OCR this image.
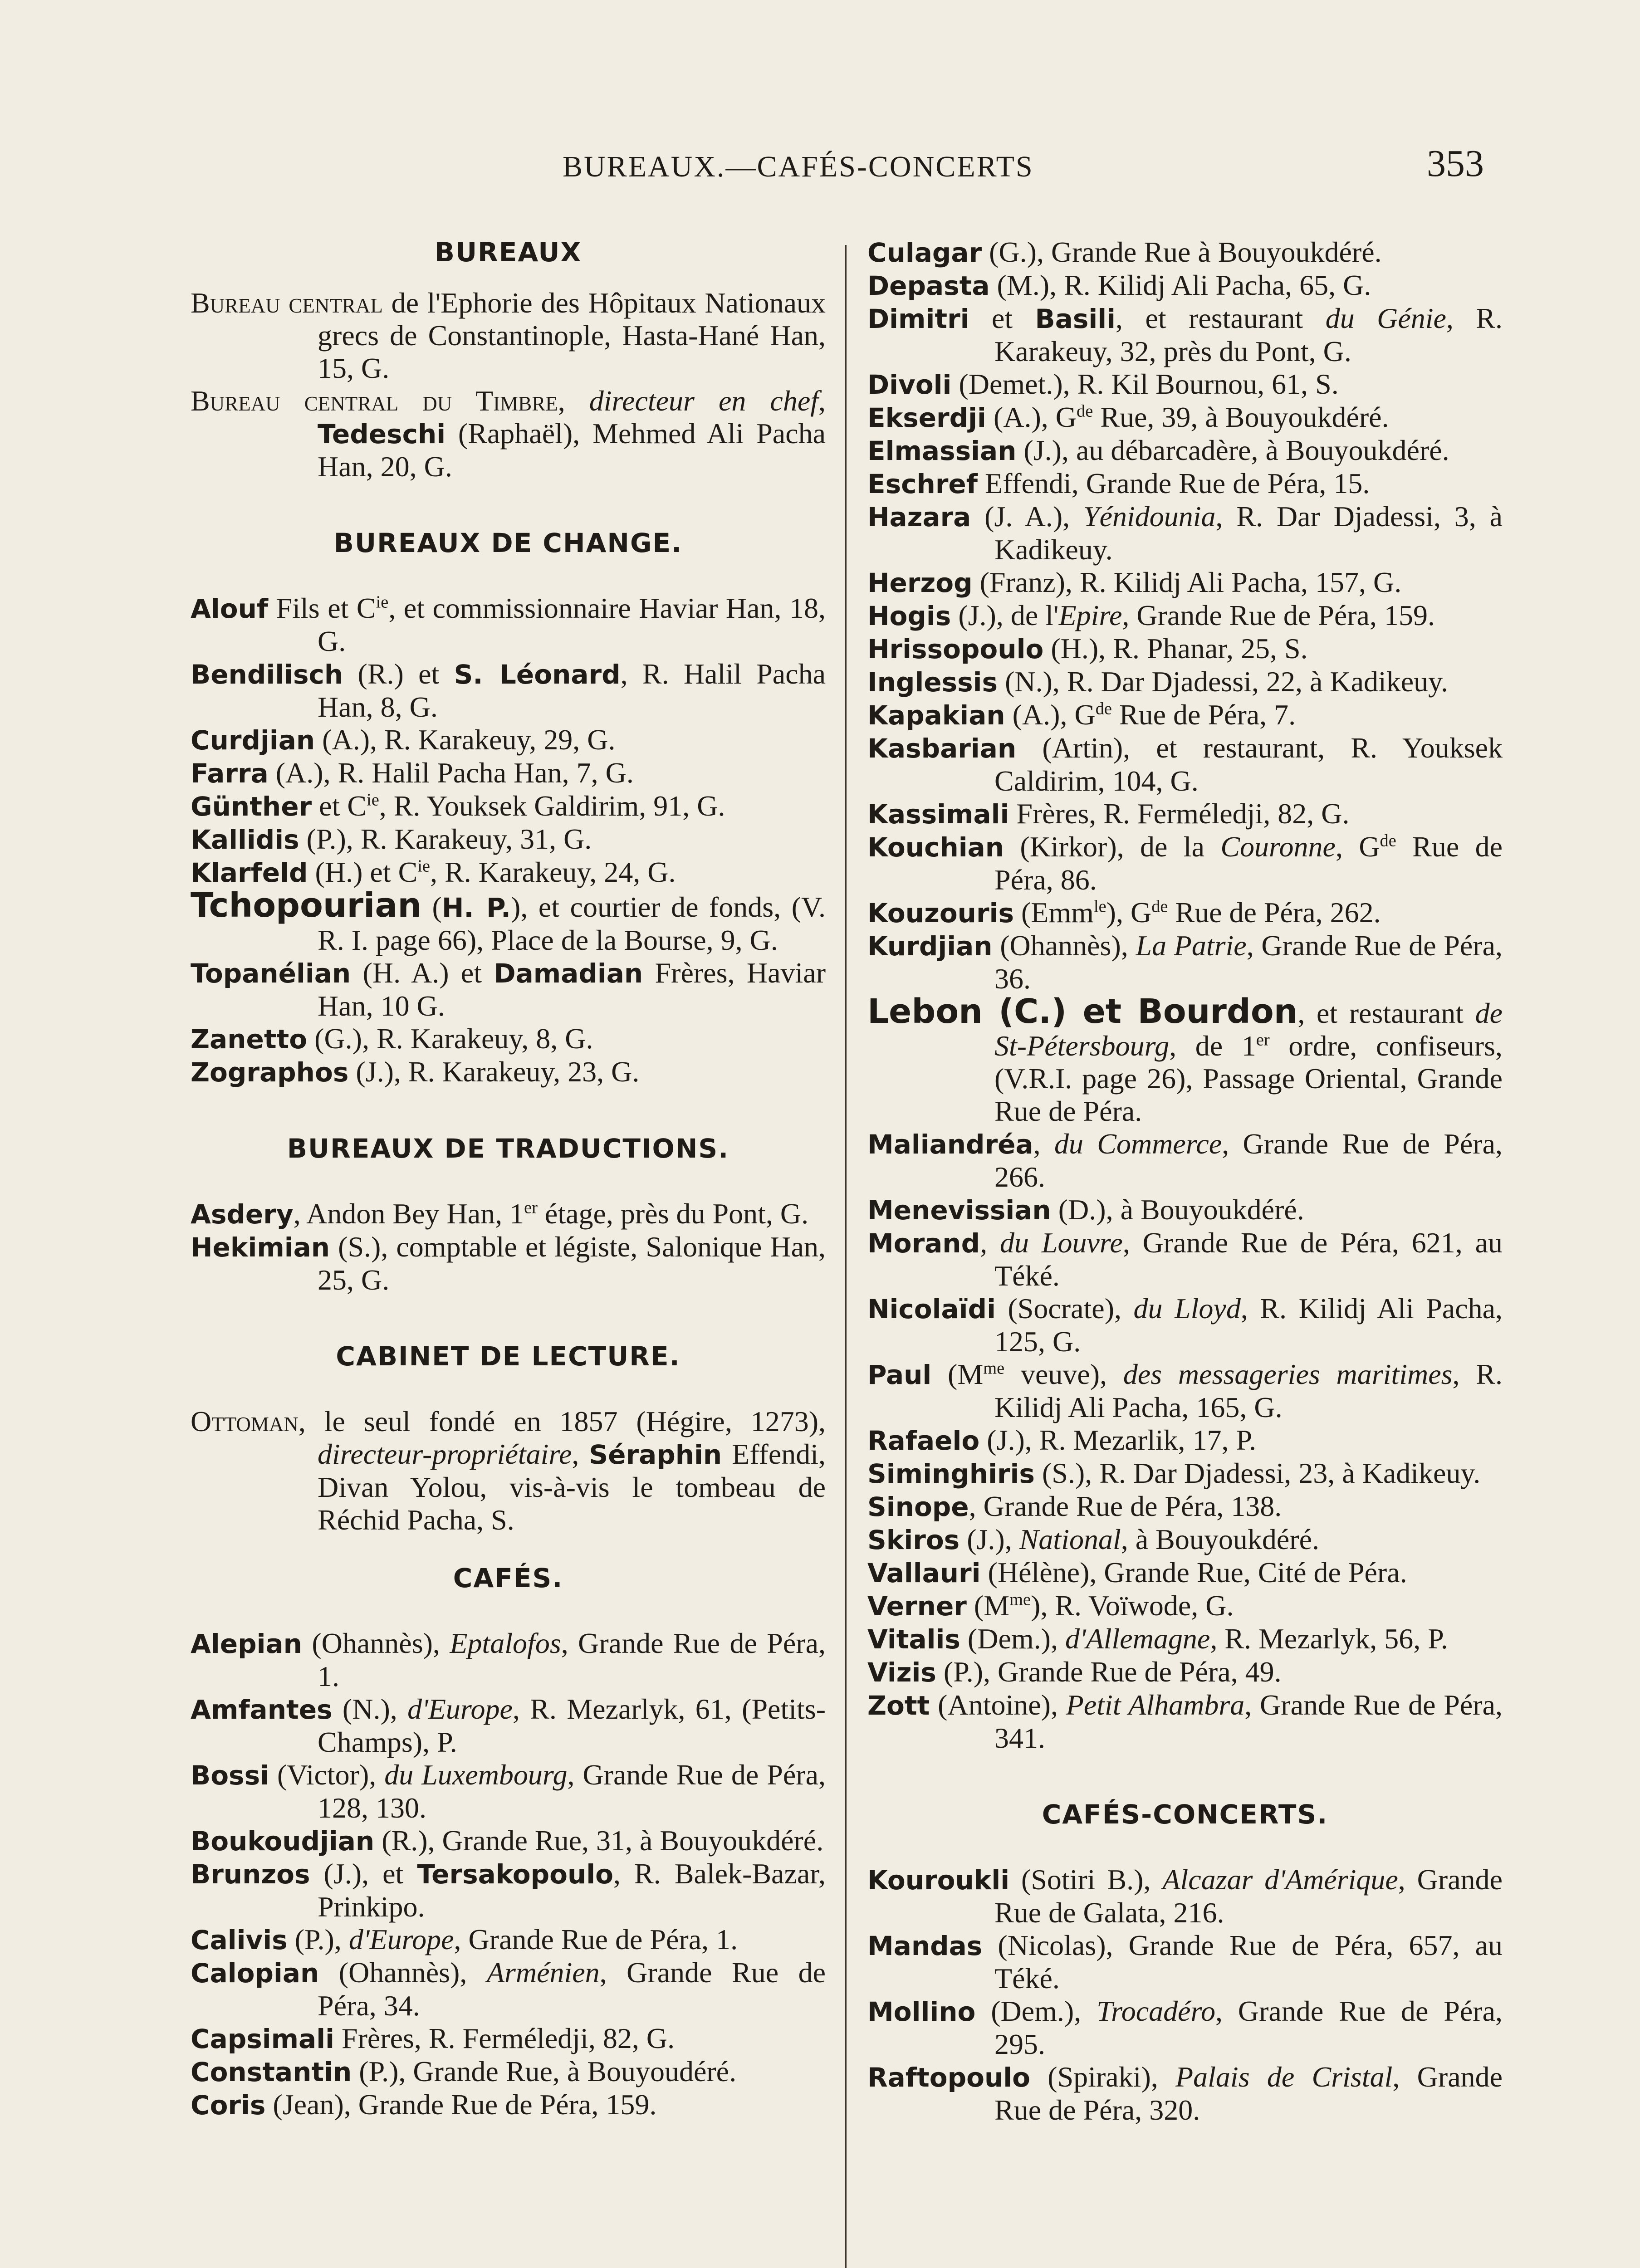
BUREAUX.—CAFÉS-CONCERTS	353
BUREAUX
Bureau central de l'Ephorie des Hôpitaux Nationaux grecs de Constantinople, Hasta-Hané Han, 15, G.
Bureau central du Timbre, directeur en chef, Tedeschi (Raphaël), Mehmed Ali Pacha Han, 20, G.
BUREAUX DE CHANGE.
Alouf Fils et $C^{ie}$, et commissionnaire Haviar Han, 18, G.
Bendilisch (R.) et S. Léonard, R. Halil Pacha Han, 8, G.
Curdjian (A.), R. Karakeuy, 29, G.
Farra (A.), R. Halil Pacha Han, 7, G.
Günther et $C^{ie}$, R. Youksek Galdirim, 91, G.
Kallidis (P.), R. Karakeuy, 31, G.
Klarfeld (H.) et $C^{ie}$, R. Karakeuy, 24, G.
Tchopourian (H. P.), et courtier de fonds, (V. R. I. page 66), Place de la Bourse, 9, G.
Topanélian (H. A.) et Damadian Frères, Haviar Han, 10 G.
Zanetto (G.), R. Karakeuy, 8, G.
Zographos (J.), R. Karakeuy, 23, G.
BUREAUX DE TRADUCTIONS.
Asdery, Andon Bey Han, 1er étage, près du Pont, G.
Hekimian (S.), comptable et légiste, Salonique Han, 25, G.
CABINET DE LECTURE.
Ottoman, le seul fondé en 1857 (Hégire, 1273), directeur-propriétaire, Séraphin Effendi, Divan Yolou, vis-à-vis le tombeau de Réchid Pacha, S.
CAFÉS.
Alepian (Ohannès), Eptalofos, Grande Rue de Péra, 1.
Amfantes (N.), d'Europe, R. Mezarlyk, 61, (Petits-Champs), P.
Bossi (Victor), du Luxembourg, Grande Rue de Péra, 128, 130.
Boukoudjian (R.), Grande Rue, 31, à Bouyoukdéré.
Brunzos (J.), et Tersakopoulo, R. Balek-Bazar, Prinkipo.
Calivis (P.), d'Europe, Grande Rue de Péra, 1.
Calopian (Ohannès), Arménien, Grande Rue de Péra, 34.
Capsimali Frères, R. Ferméledji, 82, G.
Constantin (P.), Grande Rue, à Bouyoudéré.
Coris (Jean), Grande Rue de Péra, 159.
Culagar (G.), Grande Rue à Bouyoukdéré.
Depasta (M.), R. Kilidj Ali Pacha, 65, G.
Dimitri et Basili, et restaurant du Génie, R. Karakeuy, 32, près du Pont, G.
Divoli (Demet.), R. Kil Bournou, 61, S.
Ekserdji (A.), $G^{de}$ Rue, 39, à Bouyoukdéré.
Elmassian (J.), au débarcadère, à Bouyoukdéré.
Eschref Effendi, Grande Rue de Péra, 15.
Hazara (J. A.), Yénidounia, R. Dar Djadessi, 3, à Kadikeuy.
Herzog (Franz), R. Kilidj Ali Pacha, 157, G.
Hogis (J.), de l'Epire, Grande Rue de Péra, 159.
Hrissopoulo (H.), R. Phanar, 25, S.
Inglessis (N.), R. Dar Djadessi, 22, à Kadikeuy.
Kapakian (A.), $G^{de}$ Rue de Péra, 7.
Kasbarian (Artin), et restaurant, R. Youksek Caldirim, 104, G.
Kassimali Frères, R. Ferméledji, 82, G.
Kouchian (Kirkor), de la Couronne, $G^{de}$ Rue de Péra, 86.
Kouzouris (Emm$^{le}$), $G^{de}$ Rue de Péra, 262.
Kurdjian (Ohannès), La Patrie, Grande Rue de Péra, 36.
Lebon (C.) et Bourdon, et restaurant de St-Pétersbourg, de 1er ordre, confiseurs, (V.R.I. page 26), Passage Oriental, Grande Rue de Péra.
Maliandréa, du Commerce, Grande Rue de Péra, 266.
Menevissian (D.), à Bouyoukdéré.
Morand, du Louvre, Grande Rue de Péra, 621, au Téké.
Nicolaïdi (Socrate), du Lloyd, R. Kilidj Ali Pacha, 125, G.
Paul ($M^{me}$ veuve), des messageries maritimes, R. Kilidj Ali Pacha, 165, G.
Rafaelo (J.), R. Mezarlik, 17, P.
Siminghiris (S.), R. Dar Djadessi, 23, à Kadikeuy.
Sinope, Grande Rue de Péra, 138.
Skiros (J.), National, à Bouyoukdéré.
Vallauri (Hélène), Grande Rue, Cité de Péra.
Verner $(M^{me})$, R. Voïwode, G.
Vitalis (Dem.), d'Allemagne, R. Mezarlyk, 56, P.
Vizis (P.), Grande Rue de Péra, 49.
Zott (Antoine), Petit Alhambra, Grande Rue de Péra, 341.
CAFÉS-CONCERTS.
Kouroukli (Sotiri B.), Alcazar d'Amérique, Grande Rue de Galata, 216.
Mandas (Nicolas), Grande Rue de Péra, 657, au Téké.
Mollino (Dem.), Trocadéro, Grande Rue de Péra, 295.
Raftopoulo (Spiraki), Palais de Cristal, Grande Rue de Péra, 320.
